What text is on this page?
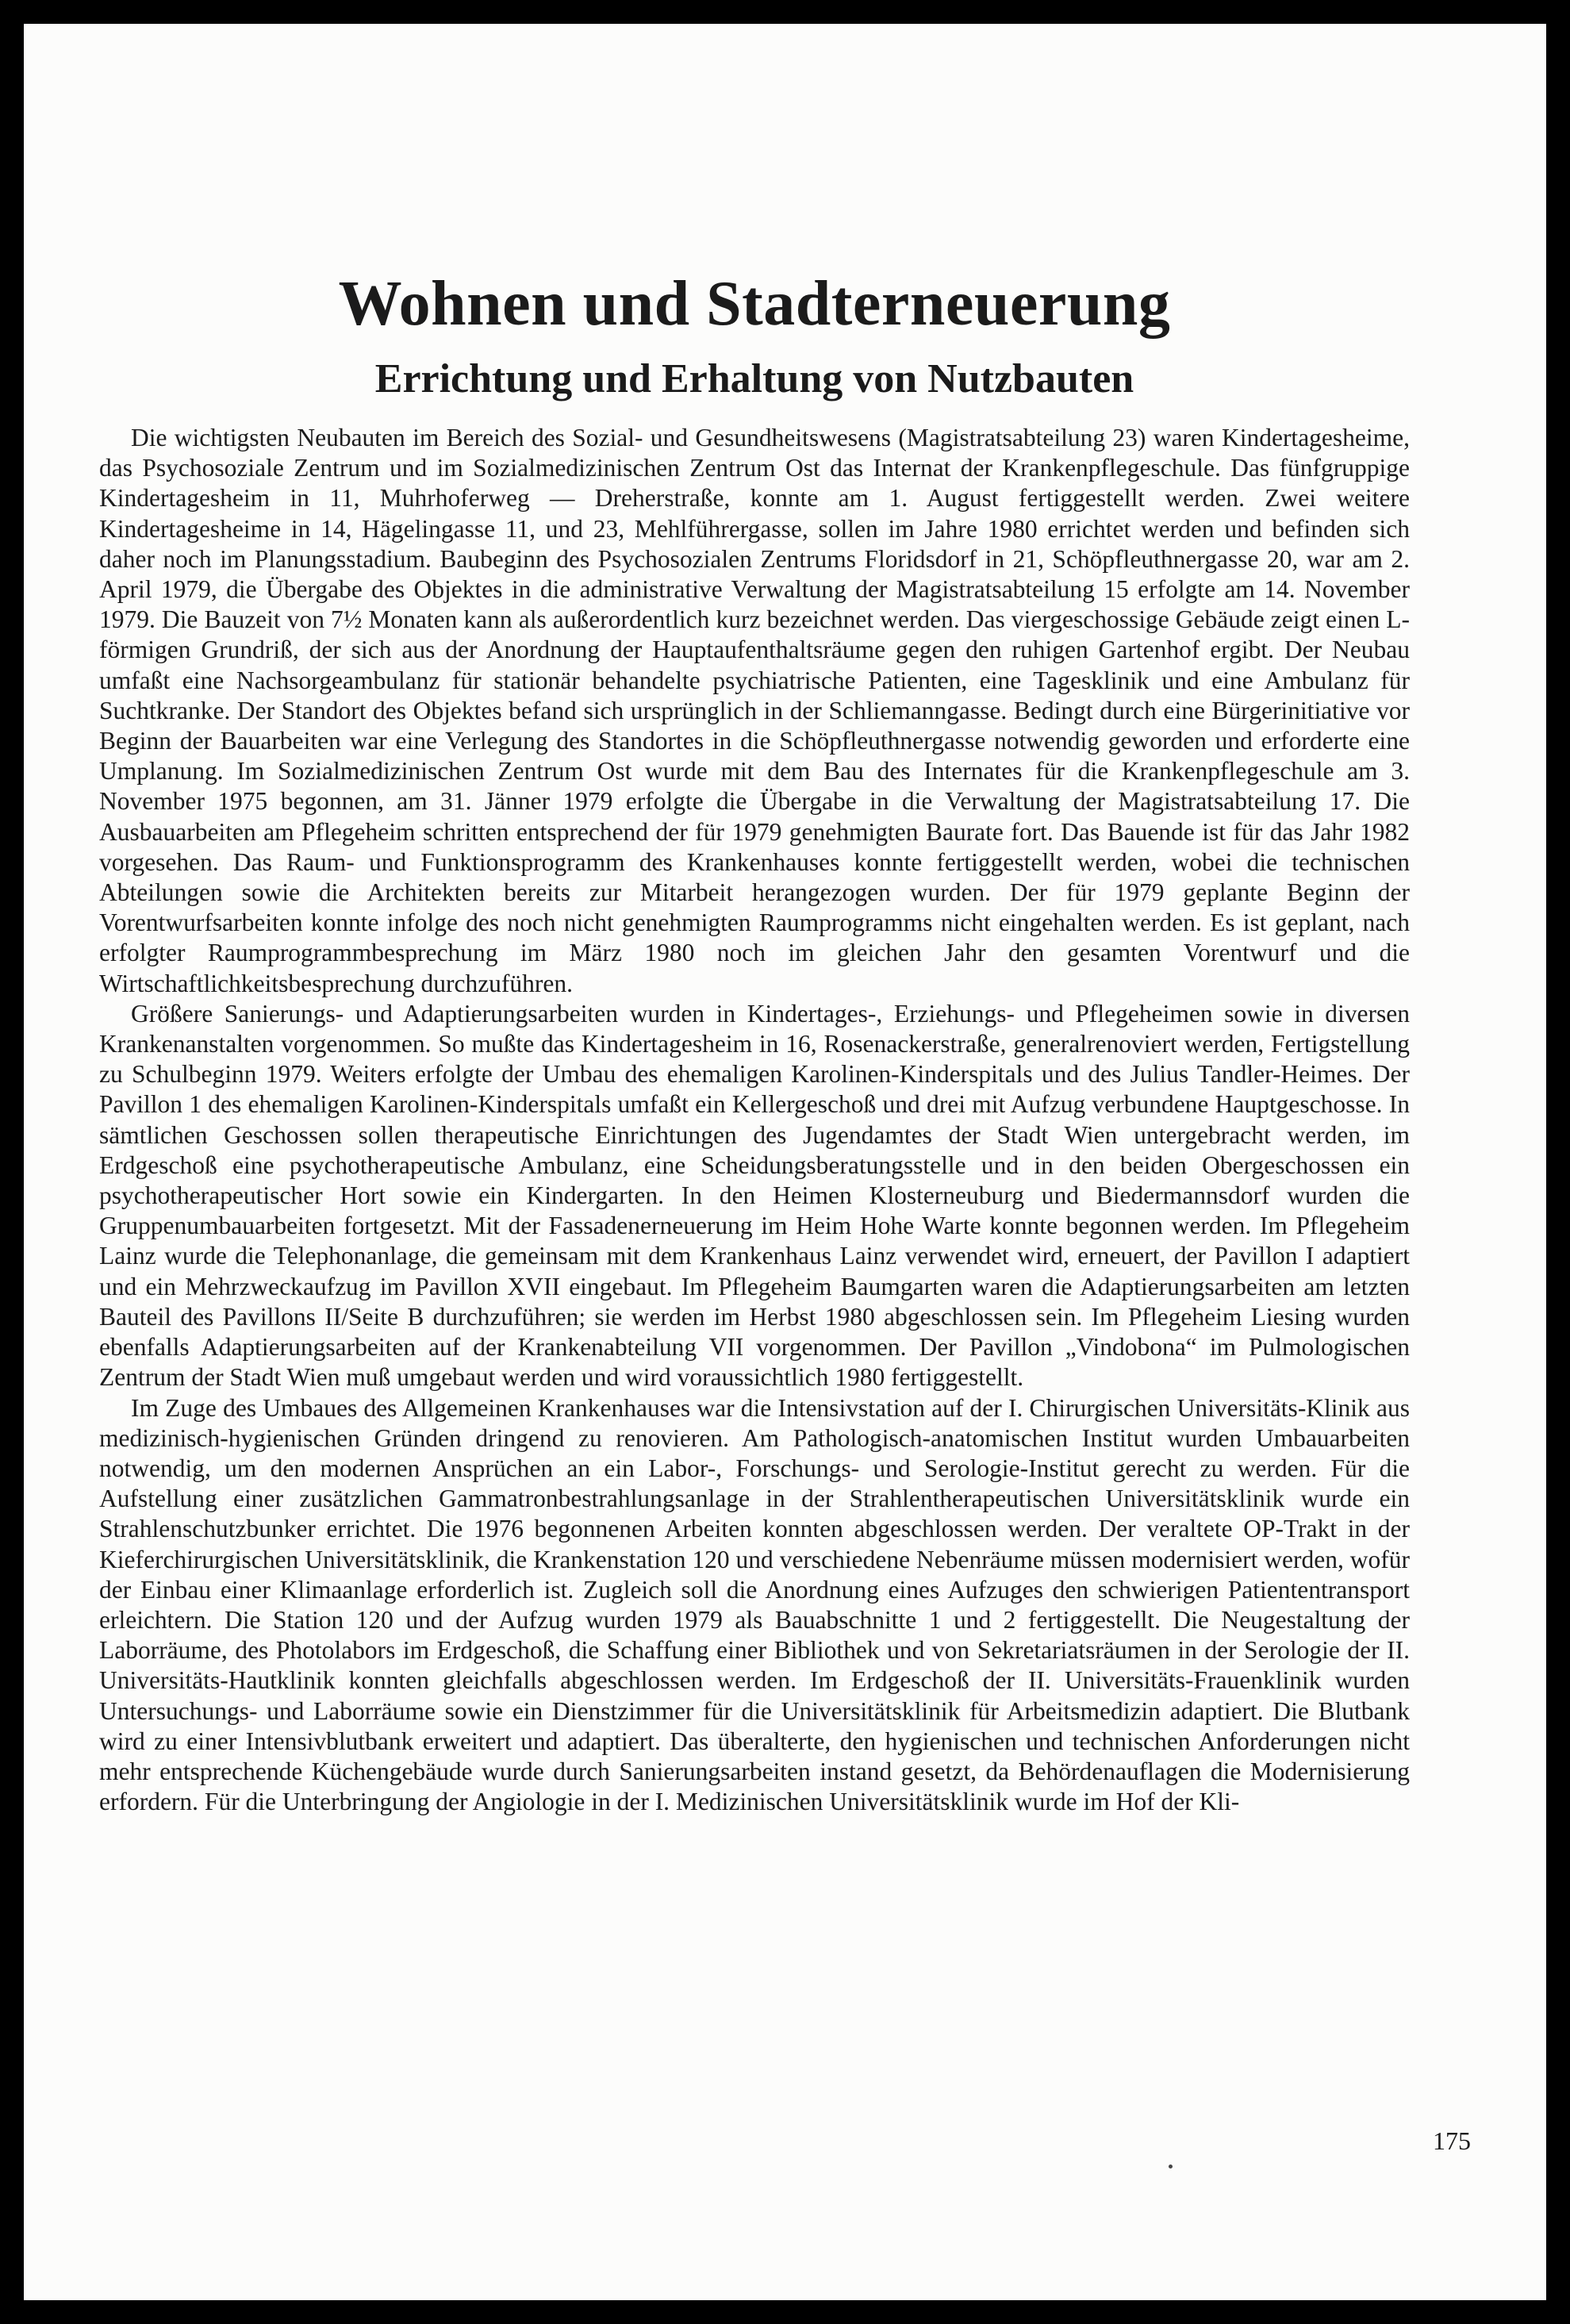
Wohnen und Stadterneuerung
Errichtung und Erhaltung von Nutzbauten

Die wichtigsten Neubauten im Bereich des Sozial- und Gesundheitswesens (Magistratsabteilung 23) waren Kindertagesheime, das Psychosoziale Zentrum und im Sozialmedizinischen Zentrum Ost das Internat der Krankenpflegeschule. Das fünfgruppige Kindertagesheim in 11, Muhrhoferweg — Dreherstraße, konnte am 1. August fertiggestellt werden. Zwei weitere Kindertagesheime in 14, Hägelingasse 11, und 23, Mehlführergasse, sollen im Jahre 1980 errichtet werden und befinden sich daher noch im Planungsstadium. Baubeginn des Psychosozialen Zentrums Floridsdorf in 21, Schöpfleuthnergasse 20, war am 2. April 1979, die Übergabe des Objektes in die administrative Verwaltung der Magistratsabteilung 15 erfolgte am 14. November 1979. Die Bauzeit von 7½ Monaten kann als außerordentlich kurz bezeichnet werden. Das viergeschossige Gebäude zeigt einen L-förmigen Grundriß, der sich aus der Anordnung der Hauptaufenthaltsräume gegen den ruhigen Gartenhof ergibt. Der Neubau umfaßt eine Nachsorgeambulanz für stationär behandelte psychiatrische Patienten, eine Tagesklinik und eine Ambulanz für Suchtkranke. Der Standort des Objektes befand sich ursprünglich in der Schliemanngasse. Bedingt durch eine Bürgerinitiative vor Beginn der Bauarbeiten war eine Verlegung des Standortes in die Schöpfleuthnergasse notwendig geworden und erforderte eine Umplanung. Im Sozialmedizinischen Zentrum Ost wurde mit dem Bau des Internates für die Krankenpflegeschule am 3. November 1975 begonnen, am 31. Jänner 1979 erfolgte die Übergabe in die Verwaltung der Magistratsabteilung 17. Die Ausbauarbeiten am Pflegeheim schritten entsprechend der für 1979 genehmigten Baurate fort. Das Bauende ist für das Jahr 1982 vorgesehen. Das Raum- und Funktionsprogramm des Krankenhauses konnte fertiggestellt werden, wobei die technischen Abteilungen sowie die Architekten bereits zur Mitarbeit herangezogen wurden. Der für 1979 geplante Beginn der Vorentwurfsarbeiten konnte infolge des noch nicht genehmigten Raumprogramms nicht eingehalten werden. Es ist geplant, nach erfolgter Raumprogrammbesprechung im März 1980 noch im gleichen Jahr den gesamten Vorentwurf und die Wirtschaftlichkeitsbesprechung durchzuführen.

Größere Sanierungs- und Adaptierungsarbeiten wurden in Kindertages-, Erziehungs- und Pflegeheimen sowie in diversen Krankenanstalten vorgenommen. So mußte das Kindertagesheim in 16, Rosenackerstraße, generalrenoviert werden, Fertigstellung zu Schulbeginn 1979. Weiters erfolgte der Umbau des ehemaligen Karolinen-Kinderspitals und des Julius Tandler-Heimes. Der Pavillon 1 des ehemaligen Karolinen-Kinderspitals umfaßt ein Kellergeschoß und drei mit Aufzug verbundene Hauptgeschosse. In sämtlichen Geschossen sollen therapeutische Einrichtungen des Jugendamtes der Stadt Wien untergebracht werden, im Erdgeschoß eine psychotherapeutische Ambulanz, eine Scheidungsberatungsstelle und in den beiden Obergeschossen ein psychotherapeutischer Hort sowie ein Kindergarten. In den Heimen Klosterneuburg und Biedermannsdorf wurden die Gruppenumbauarbeiten fortgesetzt. Mit der Fassadenerneuerung im Heim Hohe Warte konnte begonnen werden. Im Pflegeheim Lainz wurde die Telephonanlage, die gemeinsam mit dem Krankenhaus Lainz verwendet wird, erneuert, der Pavillon I adaptiert und ein Mehrzweckaufzug im Pavillon XVII eingebaut. Im Pflegeheim Baumgarten waren die Adaptierungsarbeiten am letzten Bauteil des Pavillons II/Seite B durchzuführen; sie werden im Herbst 1980 abgeschlossen sein. Im Pflegeheim Liesing wurden ebenfalls Adaptierungsarbeiten auf der Krankenabteilung VII vorgenommen. Der Pavillon „Vindobona“ im Pulmologischen Zentrum der Stadt Wien muß umgebaut werden und wird voraussichtlich 1980 fertiggestellt.

Im Zuge des Umbaues des Allgemeinen Krankenhauses war die Intensivstation auf der I. Chirurgischen Universitäts-Klinik aus medizinisch-hygienischen Gründen dringend zu renovieren. Am Pathologisch-anatomischen Institut wurden Umbauarbeiten notwendig, um den modernen Ansprüchen an ein Labor-, Forschungs- und Serologie-Institut gerecht zu werden. Für die Aufstellung einer zusätzlichen Gammatronbestrahlungsanlage in der Strahlentherapeutischen Universitätsklinik wurde ein Strahlenschutzbunker errichtet. Die 1976 begonnenen Arbeiten konnten abgeschlossen werden. Der veraltete OP-Trakt in der Kieferchirurgischen Universitätsklinik, die Krankenstation 120 und verschiedene Nebenräume müssen modernisiert werden, wofür der Einbau einer Klimaanlage erforderlich ist. Zugleich soll die Anordnung eines Aufzuges den schwierigen Patiententransport erleichtern. Die Station 120 und der Aufzug wurden 1979 als Bauabschnitte 1 und 2 fertiggestellt. Die Neugestaltung der Laborräume, des Photolabors im Erdgeschoß, die Schaffung einer Bibliothek und von Sekretariatsräumen in der Serologie der II. Universitäts-Hautklinik konnten gleichfalls abgeschlossen werden. Im Erdgeschoß der II. Universitäts-Frauenklinik wurden Untersuchungs- und Laborräume sowie ein Dienstzimmer für die Universitätsklinik für Arbeitsmedizin adaptiert. Die Blutbank wird zu einer Intensivblutbank erweitert und adaptiert. Das überalterte, den hygienischen und technischen Anforderungen nicht mehr entsprechende Küchengebäude wurde durch Sanierungsarbeiten instand gesetzt, da Behördenauflagen die Modernisierung erfordern. Für die Unterbringung der Angiologie in der I. Medizinischen Universitätsklinik wurde im Hof der Kli-

175
